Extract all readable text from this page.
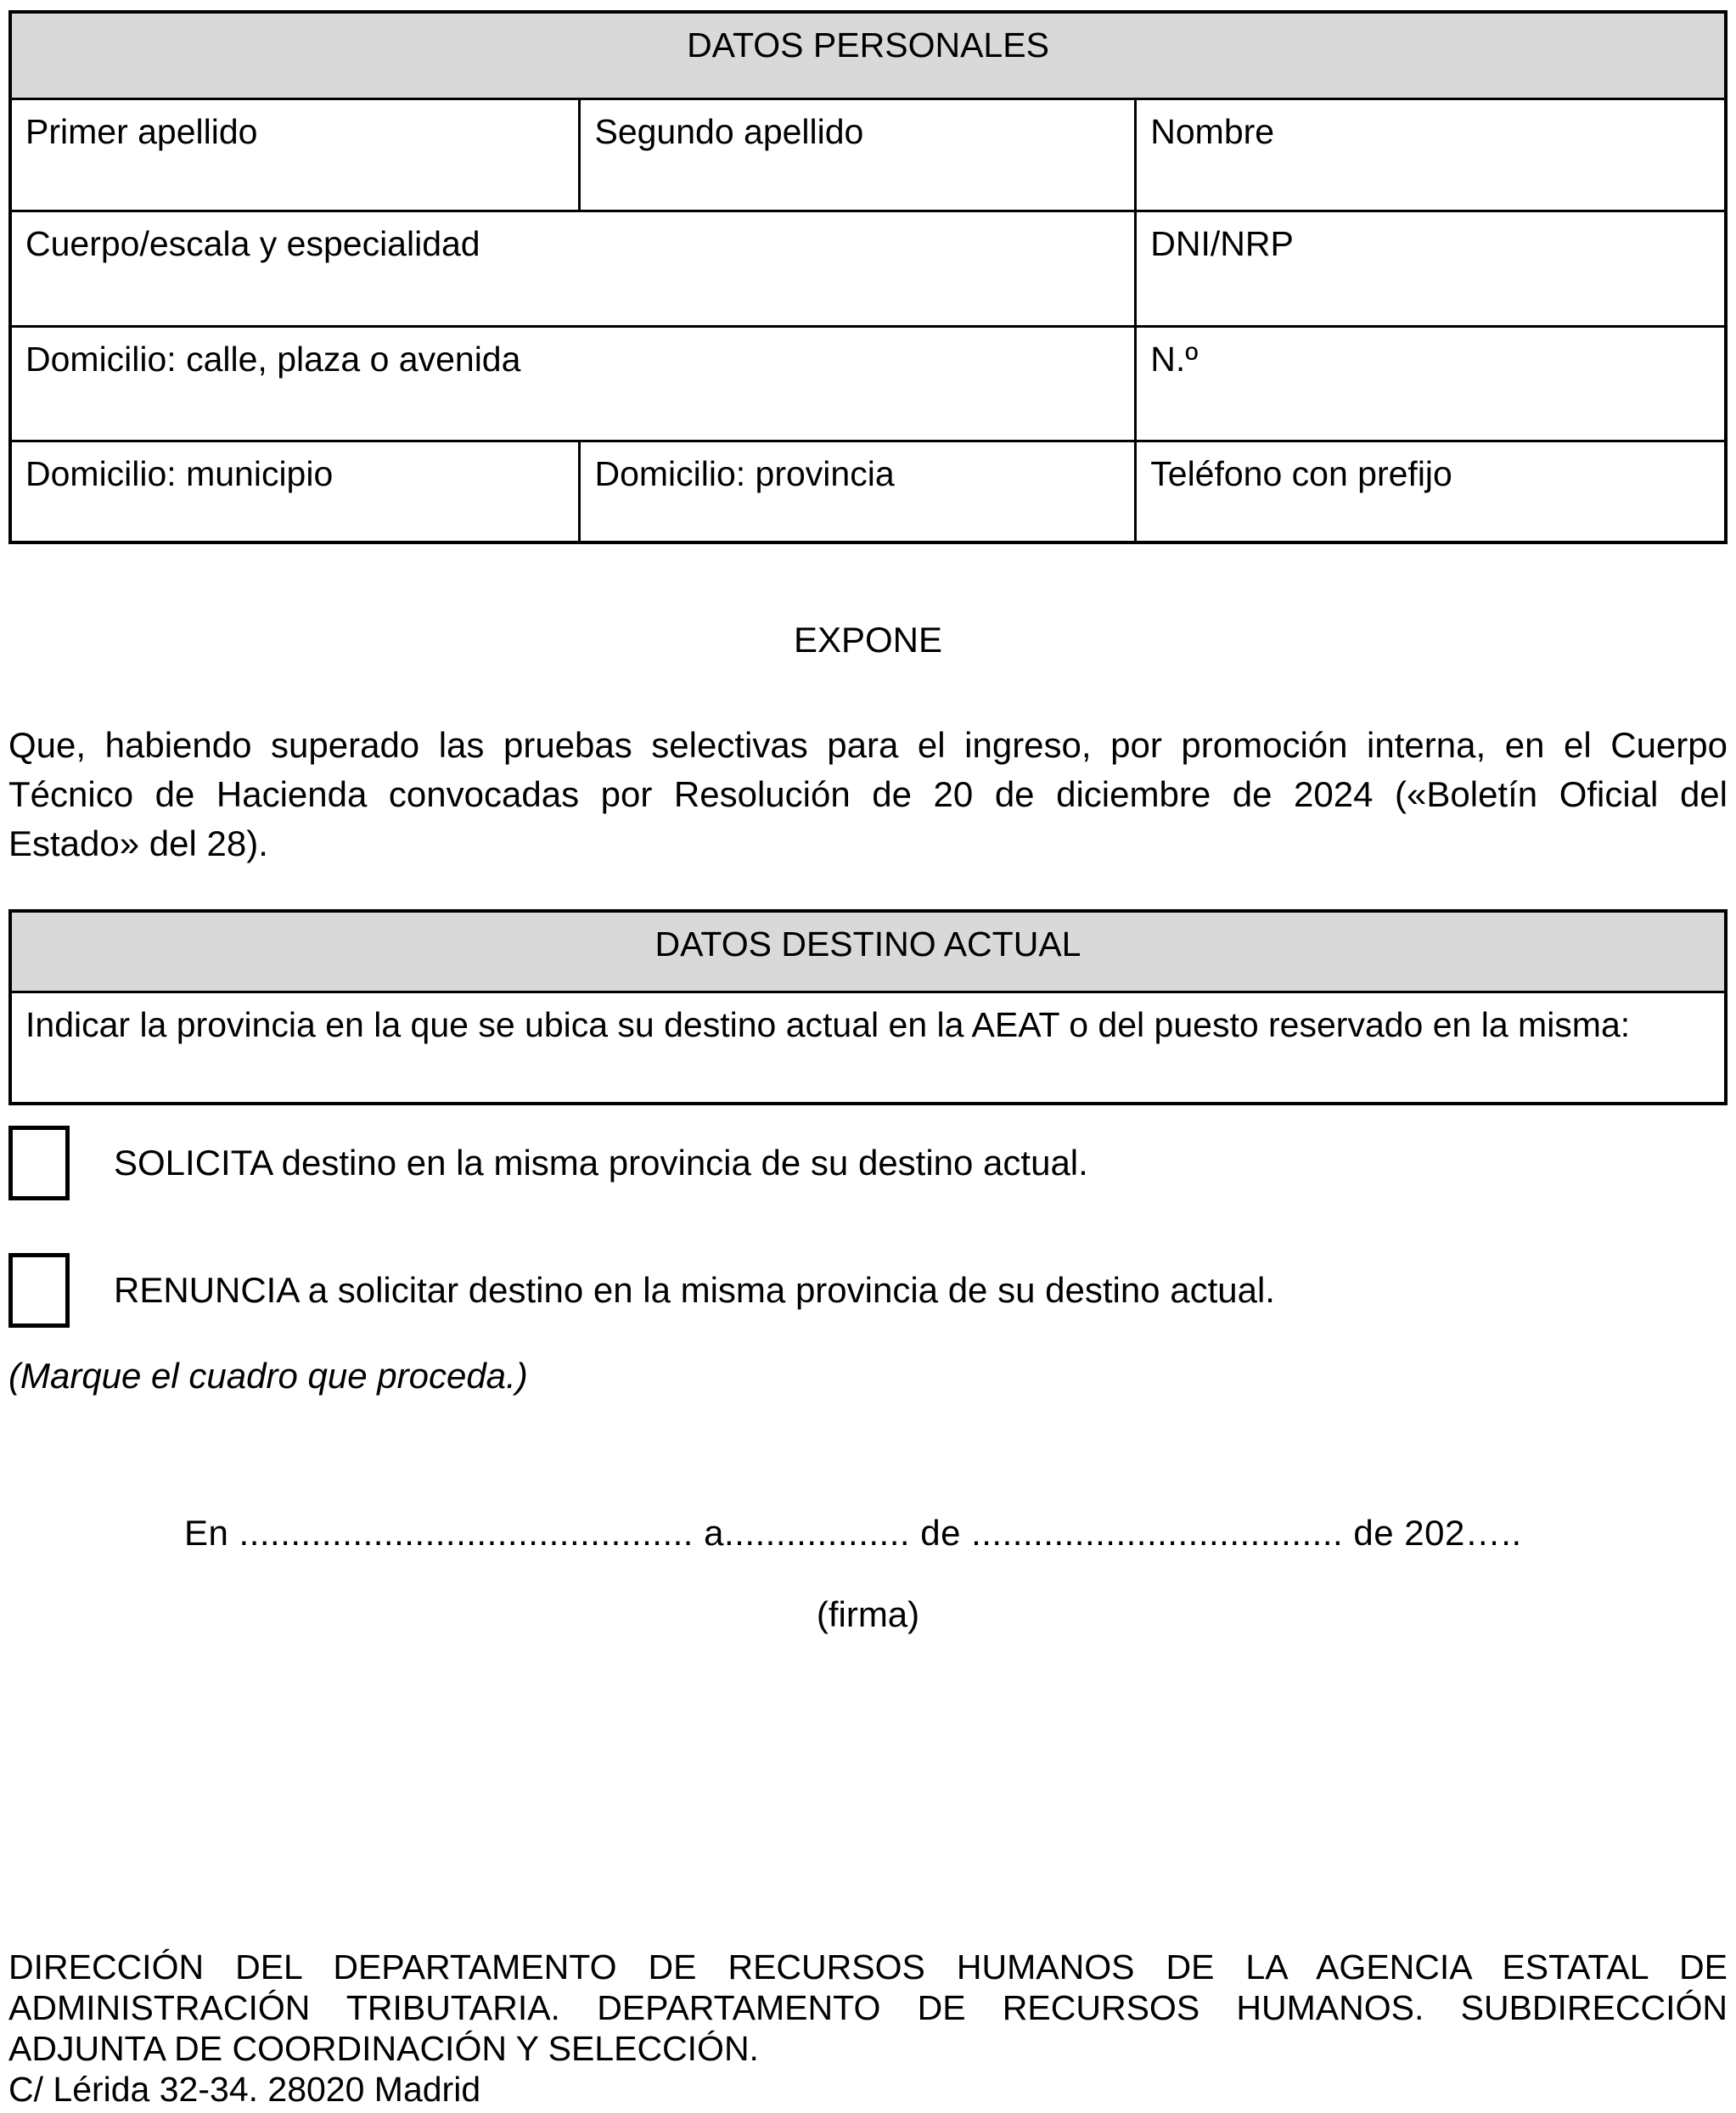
DATOS PERSONALES		
Primer apellido	Segundo apellido	Nombre
Cuerpo/escala y especialidad		DNI/NRP
Domicilio: calle, plaza o avenida		N.º
Domicilio: municipio	Domicilio: provincia	Teléfono con prefijo
EXPONE
Que, habiendo superado las pruebas selectivas para el ingreso, por promoción interna, en el Cuerpo
Técnico de Hacienda convocadas por Resolución de 20 de diciembre de 2024 («Boletín Oficial del
Estado» del 28).
DATOS DESTINO ACTUAL
Indicar la provincia en la que se ubica su destino actual en la AEAT o del puesto reservado en la misma:
SOLICITA destino en la misma provincia de su destino actual.
RENUNCIA a solicitar destino en la misma provincia de su destino actual.
(Marque el cuadro que proceda.)
En ............................................ a.................. de .................................... de 202…..
(firma)
DIRECCIÓN DEL DEPARTAMENTO DE RECURSOS HUMANOS DE LA AGENCIA ESTATAL DE
ADMINISTRACIÓN TRIBUTARIA. DEPARTAMENTO DE RECURSOS HUMANOS. SUBDIRECCIÓN
ADJUNTA DE COORDINACIÓN Y SELECCIÓN.
C/ Lérida 32-34. 28020 Madrid
